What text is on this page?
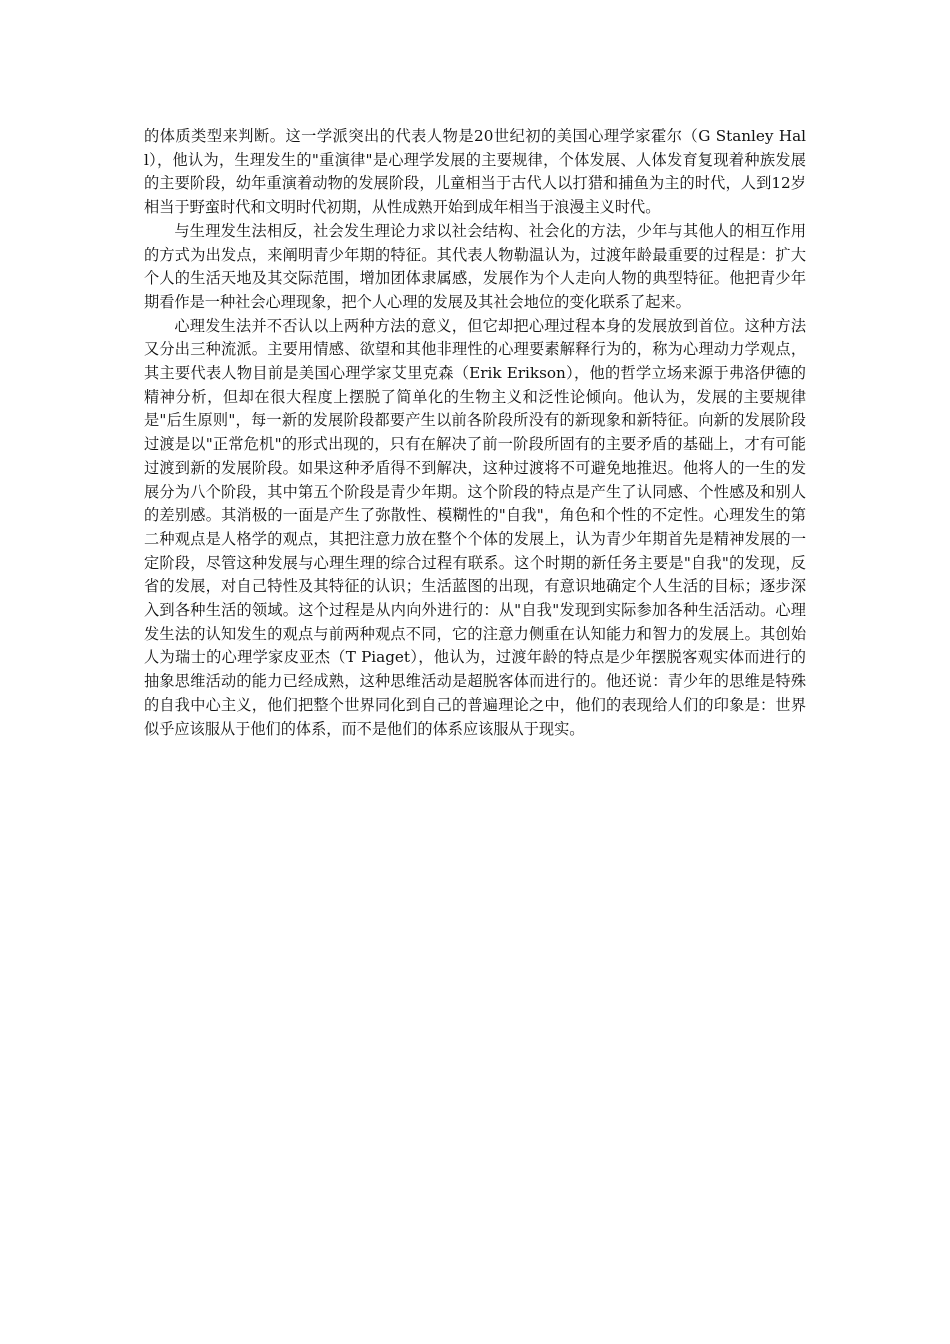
的体质类型来判断。这一学派突出的代表人物是20世纪初的美国心理学家霍尔（G Stanley Hall），他认为，生理发生的"重演律"是心理学发展的主要规律，个体发展、人体发育复现着种族发展的主要阶段，幼年重演着动物的发展阶段，儿童相当于古代人以打猎和捕鱼为主的时代，人到12岁相当于野蛮时代和文明时代初期，从性成熟开始到成年相当于浪漫主义时代。

与生理发生法相反，社会发生理论力求以社会结构、社会化的方法，少年与其他人的相互作用的方式为出发点，来阐明青少年期的特征。其代表人物勒温认为，过渡年龄最重要的过程是：扩大个人的生活天地及其交际范围，增加团体隶属感，发展作为个人走向人物的典型特征。他把青少年期看作是一种社会心理现象，把个人心理的发展及其社会地位的变化联系了起来。

心理发生法并不否认以上两种方法的意义，但它却把心理过程本身的发展放到首位。这种方法又分出三种流派。主要用情感、欲望和其他非理性的心理要素解释行为的，称为心理动力学观点，其主要代表人物目前是美国心理学家艾里克森（Erik Erikson），他的哲学立场来源于弗洛伊德的精神分析，但却在很大程度上摆脱了简单化的生物主义和泛性论倾向。他认为，发展的主要规律是"后生原则"，每一新的发展阶段都要产生以前各阶段所没有的新现象和新特征。向新的发展阶段过渡是以"正常危机"的形式出现的，只有在解决了前一阶段所固有的主要矛盾的基础上，才有可能过渡到新的发展阶段。如果这种矛盾得不到解决，这种过渡将不可避免地推迟。他将人的一生的发展分为八个阶段，其中第五个阶段是青少年期。这个阶段的特点是产生了认同感、个性感及和别人的差别感。其消极的一面是产生了弥散性、模糊性的"自我"，角色和个性的不定性。心理发生的第二种观点是人格学的观点，其把注意力放在整个个体的发展上，认为青少年期首先是精神发展的一定阶段，尽管这种发展与心理生理的综合过程有联系。这个时期的新任务主要是"自我"的发现，反省的发展，对自己特性及其特征的认识；生活蓝图的出现，有意识地确定个人生活的目标；逐步深入到各种生活的领域。这个过程是从内向外进行的：从"自我"发现到实际参加各种生活活动。心理发生法的认知发生的观点与前两种观点不同，它的注意力侧重在认知能力和智力的发展上。其创始人为瑞士的心理学家皮亚杰（T Piaget），他认为，过渡年龄的特点是少年摆脱客观实体而进行的抽象思维活动的能力已经成熟，这种思维活动是超脱客体而进行的。他还说：青少年的思维是特殊的自我中心主义，他们把整个世界同化到自己的普遍理论之中，他们的表现给人们的印象是：世界似乎应该服从于他们的体系，而不是他们的体系应该服从于现实。
